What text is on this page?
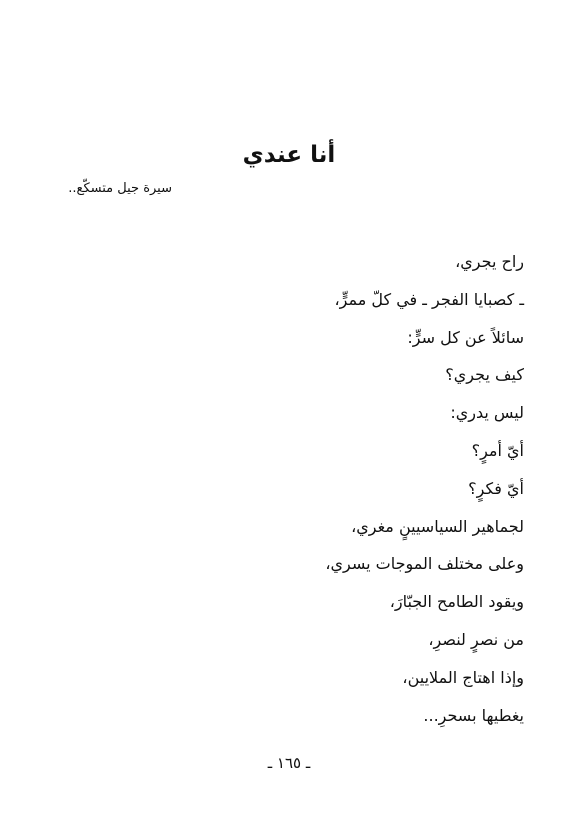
أنا عندي
سيرة جيل متسكّع..
راح يجري،
ـ كصبايا الفجر ـ في كلّ ممرٍّ،
سائلاً عن كل سرٍّ:
كيف يجري؟
ليس يدري:
أيّ أمرٍ؟
أيّ فكرٍ؟
لجماهير السياسيينٍ مغري،
وعلى مختلف الموجات يسري،
ويقود الطامح الجبّارَ،
من نصرٍ لنصرِ،
وإذا اهتاج الملايين،
يغطيها بسحرِ...
ـ ١٦٥ ـ
